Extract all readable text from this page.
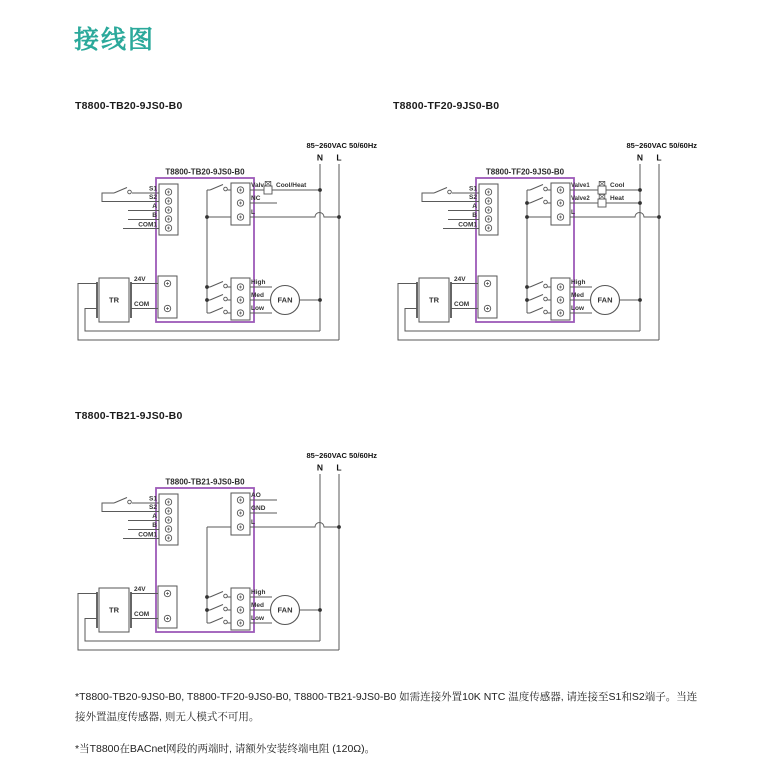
接线图
T8800-TB20-9JS0-B0	T8800-TF20-9JS0-B0
T8800-TB21-9JS0-B0
85~260VAC 50/60Hz
N L
T8800-TB20-9JS0-B0
TR	FAN
S1
S2
A
B
COM1
Valv
NC
L
Cool/Heat
24V
COM
High
Med
Low
85~260VAC 50/60Hz
N L
T8800-TF20-9JS0-B0
TR	FAN
S1
S2
A
B
COM1
Valve1
Valve2
L
Cool
Heat
24V
COM
High
Med
Low
85~260VAC 50/60Hz
N L
T8800-TB21-9JS0-B0
TR	FAN
S1
S2
A
B
COM1
AO
GND
L
24V
COM
High
Med
Low
*T8800-TB20-9JS0-B0, T8800-TF20-9JS0-B0, T8800-TB21-9JS0-B0 如需连接外置10K NTC 温度传感器, 请连接至S1和S2端子。当连接外置温度传感器, 则无人模式不可用。
*当T8800在BACnet网段的两端时, 请额外安装终端电阻 (120Ω)。
